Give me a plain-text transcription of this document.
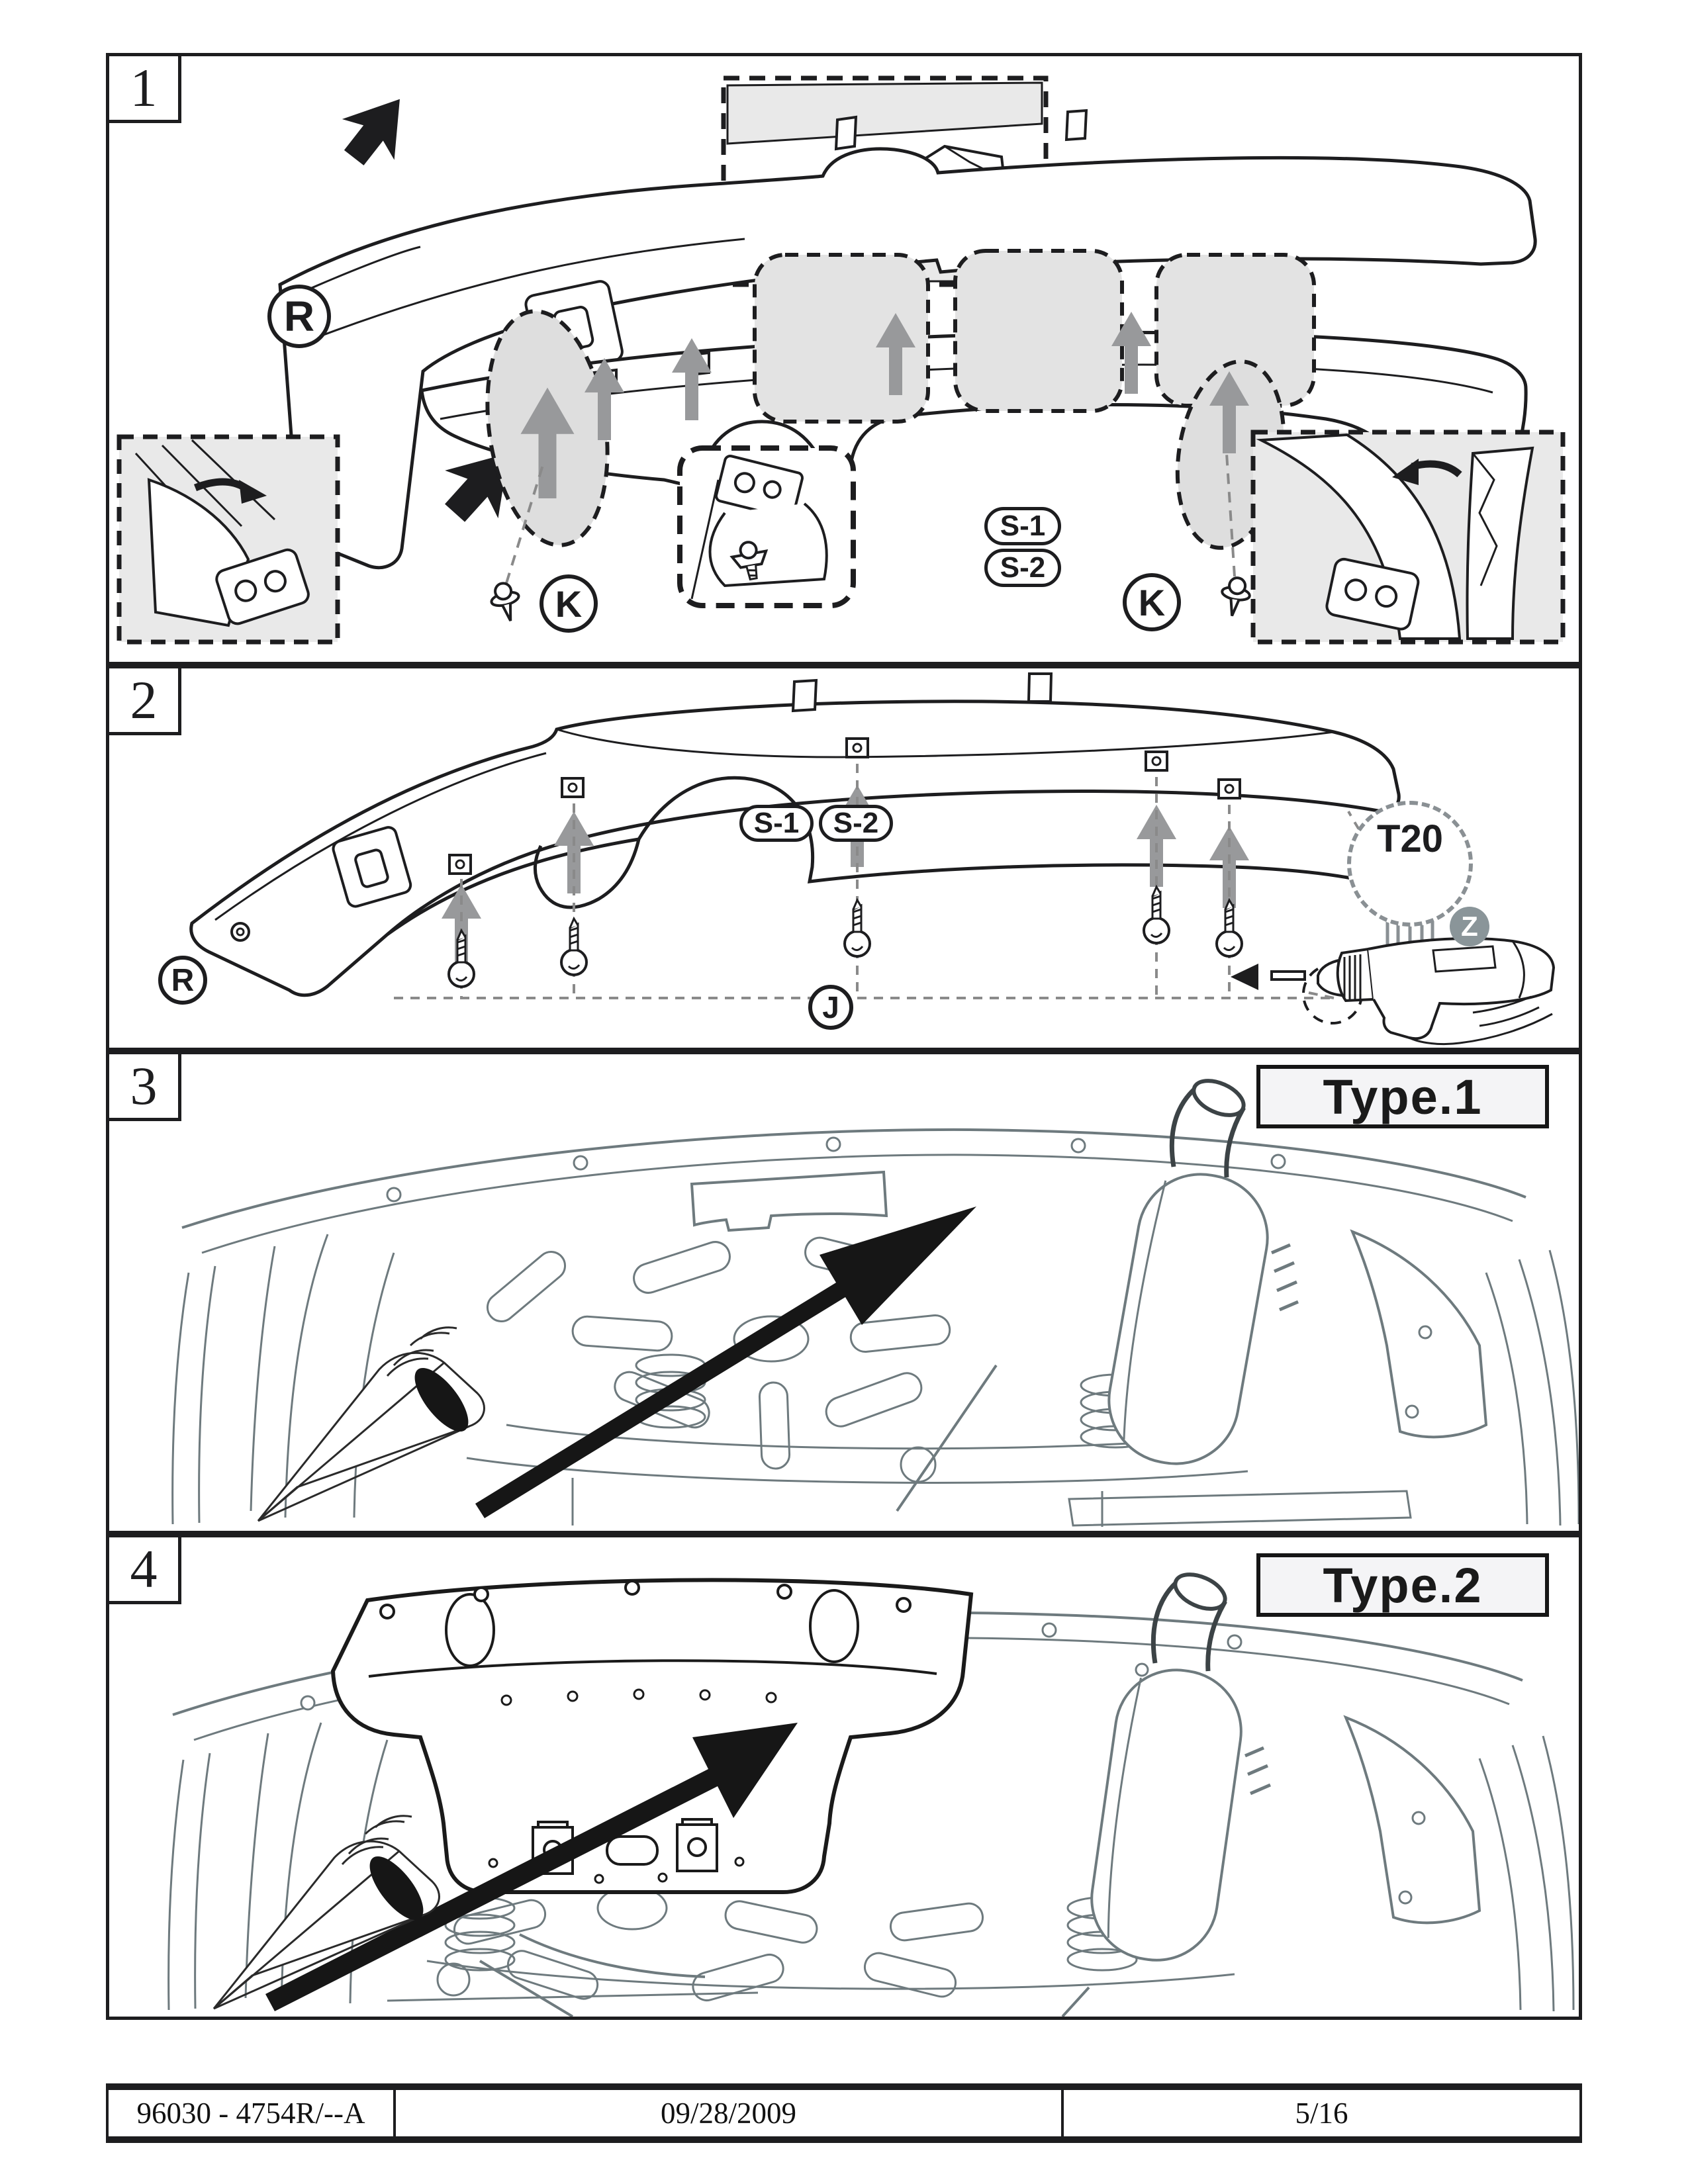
1
R
S-1
S-2
K	K
2
R
S-1 S-2
J
T20
Z
3	Type.1
4	Type.2
96030 - 4754R/--A	09/28/2009	5/16
